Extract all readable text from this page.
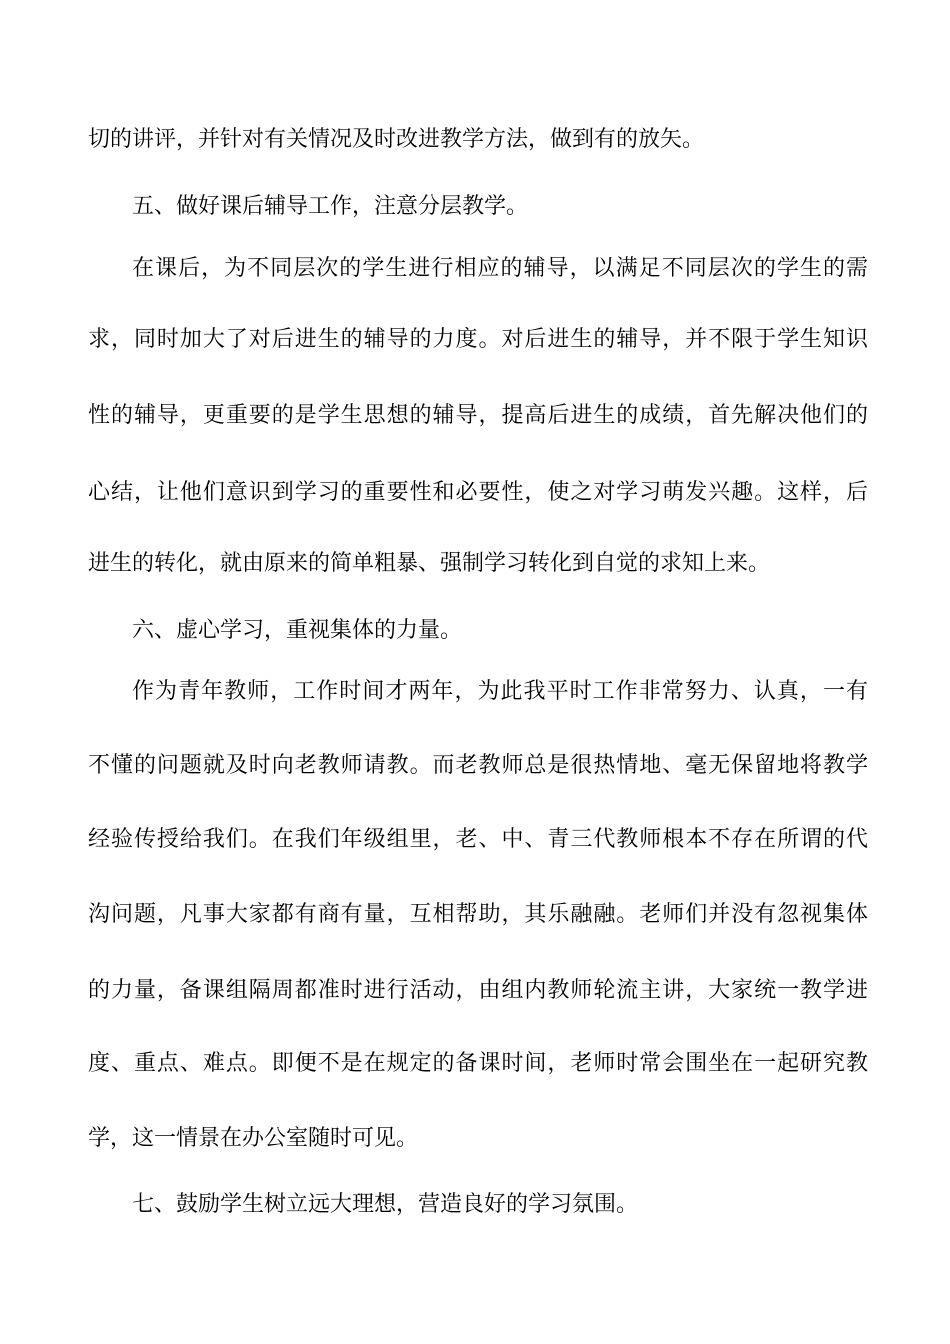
切的讲评，并针对有关情况及时改进教学方法，做到有的放矢。
五、做好课后辅导工作，注意分层教学。
在课后，为不同层次的学生进行相应的辅导，以满足不同层次的学生的需
求，同时加大了对后进生的辅导的力度。对后进生的辅导，并不限于学生知识
性的辅导，更重要的是学生思想的辅导，提高后进生的成绩，首先解决他们的
心结，让他们意识到学习的重要性和必要性，使之对学习萌发兴趣。这样，后
进生的转化，就由原来的简单粗暴、强制学习转化到自觉的求知上来。
六、虚心学习，重视集体的力量。
作为青年教师，工作时间才两年，为此我平时工作非常努力、认真，一有
不懂的问题就及时向老教师请教。而老教师总是很热情地、毫无保留地将教学
经验传授给我们。在我们年级组里，老、中、青三代教师根本不存在所谓的代
沟问题，凡事大家都有商有量，互相帮助，其乐融融。老师们并没有忽视集体
的力量，备课组隔周都准时进行活动，由组内教师轮流主讲，大家统一教学进
度、重点、难点。即便不是在规定的备课时间，老师时常会围坐在一起研究教
学，这一情景在办公室随时可见。
七、鼓励学生树立远大理想，营造良好的学习氛围。
